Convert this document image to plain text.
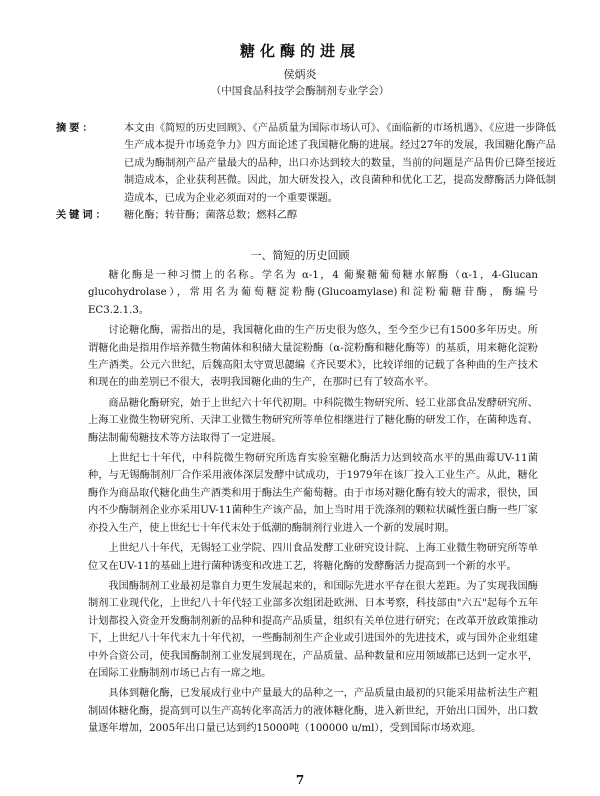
糖化酶的进展
侯炳炎
（中国食品科技学会酶制剂专业学会）
摘要：	本文由《简短的历史回顾》、《产品质量为国际市场认可》、《面临新的市场机遇》、《应进一步降低生产成本提升市场竞争力》四方面论述了我国糖化酶的进展。经过27年的发展，我国糖化酶产品已成为酶制剂产品产量最大的品种，出口亦达到较大的数量，当前的问题是产品售价已降至接近制造成本，企业获利甚微。因此，加大研发投入，改良菌种和优化工艺，提高发酵酶活力降低制造成本，已成为企业必须面对的一个重要课题。
关键词：	糖化酶；转苷酶；菌落总数；燃料乙醇
一、简短的历史回顾

糖化酶是一种习惯上的名称。学名为 α-1，4 葡聚糖葡萄糖水解酶（α-1，4-Glucan glucohydrolase），常用名为葡萄糖淀粉酶(Glucoamylase)和淀粉葡糖苷酶，酶编号 EC3.2.1.3。

讨论糖化酶，需指出的是，我国糖化曲的生产历史很为悠久，至今至少已有1500多年历史。所谓糖化曲是指用作培养微生物菌体和积储大量淀粉酶（α-淀粉酶和糖化酶等）的基质，用来糖化淀粉生产酒类。公元六世纪，后魏高阳太守贾思勰编《齐民要术》，比较详细的记载了各种曲的生产技术和现在的曲差别已不很大，表明我国糖化曲的生产，在那时已有了较高水平。

商品糖化酶研究，始于上世纪六十年代初期。中科院微生物研究所、轻工业部食品发酵研究所、上海工业微生物研究所、天津工业微生物研究所等单位相继进行了糖化酶的研发工作，在菌种选育、酶法制葡萄糖技术等方法取得了一定进展。

上世纪七十年代，中科院微生物研究所选育实验室糖化酶活力达到较高水平的黑曲霉UV-11菌种，与无锡酶制剂厂合作采用液体深层发酵中试成功，于1979年在该厂投入工业生产。从此，糖化酶作为商品取代糖化曲生产酒类和用于酶法生产葡萄糖。由于市场对糖化酶有较大的需求，很快，国内不少酶制剂企业亦采用UV-11菌种生产该产品，加上当时用于洗涤剂的颗粒状碱性蛋白酶一些厂家亦投入生产，使上世纪七十年代末处于低潮的酶制剂行业进入一个新的发展时期。

上世纪八十年代，无锡轻工业学院、四川食品发酵工业研究设计院、上海工业微生物研究所等单位又在UV-11的基础上进行菌种诱变和改进工艺，将糖化酶的发酵酶活力提高到一个新的水平。

我国酶制剂工业最初是靠自力更生发展起来的，和国际先进水平存在很大差距。为了实现我国酶制剂工业现代化，上世纪八十年代轻工业部多次组团赴欧洲、日本考察，科技部由"六五"起每个五年计划都投入资金开发酶制剂新的品种和提高产品质量，组织有关单位进行研究；在改革开放政策推动下，上世纪八十年代末九十年代初，一些酶制剂生产企业或引进国外的先进技术，或与国外企业组建中外合资公司，使我国酶制剂工业发展到现在，产品质量、品种数量和应用领域都已达到一定水平，在国际工业酶制剂市场已占有一席之地。

具体到糖化酶，已发展成行业中产量最大的品种之一，产品质量由最初的只能采用盐析法生产粗制固体糖化酶，提高到可以生产高转化率高活力的液体糖化酶，进入新世纪，开始出口国外，出口数量逐年增加，2005年出口量已达到约15000吨（100000 u/ml），受到国际市场欢迎。

7
